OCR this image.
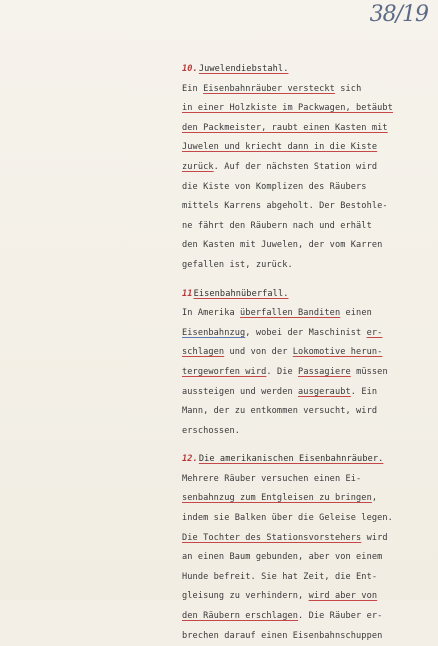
38/19
10.Juwelendiebstahl.
Ein Eisenbahnräuber versteckt sich
in einer Holzkiste im Packwagen, betäubt
den Packmeister, raubt einen Kasten mit
Juwelen und kriecht dann in die Kiste
zurück. Auf der nächsten Station wird
die Kiste von Komplizen des Räubers
mittels Karrens abgeholt. Der Bestohle-
ne fährt den Räubern nach und erhält
den Kasten mit Juwelen, der vom Karren
gefallen ist, zurück.
11Eisenbahnüberfall.
In Amerika überfallen Banditen einen
Eisenbahnzug, wobei der Maschinist er-
schlagen und von der Lokomotive herun-
tergeworfen wird. Die Passagiere müssen
aussteigen und werden ausgeraubt. Ein
Mann, der zu entkommen versucht, wird
erschossen.
12.Die amerikanischen Eisenbahnräuber.
Mehrere Räuber versuchen einen Ei-
senbahnzug zum Entgleisen zu bringen,
indem sie Balken über die Geleise legen.
Die Tochter des Stationsvorstehers wird
an einen Baum gebunden, aber von einem
Hunde befreit. Sie hat Zeit, die Ent-
gleisung zu verhindern, wird aber von
den Räubern erschlagen. Die Räuber er-
brechen darauf einen Eisenbahnschuppen
